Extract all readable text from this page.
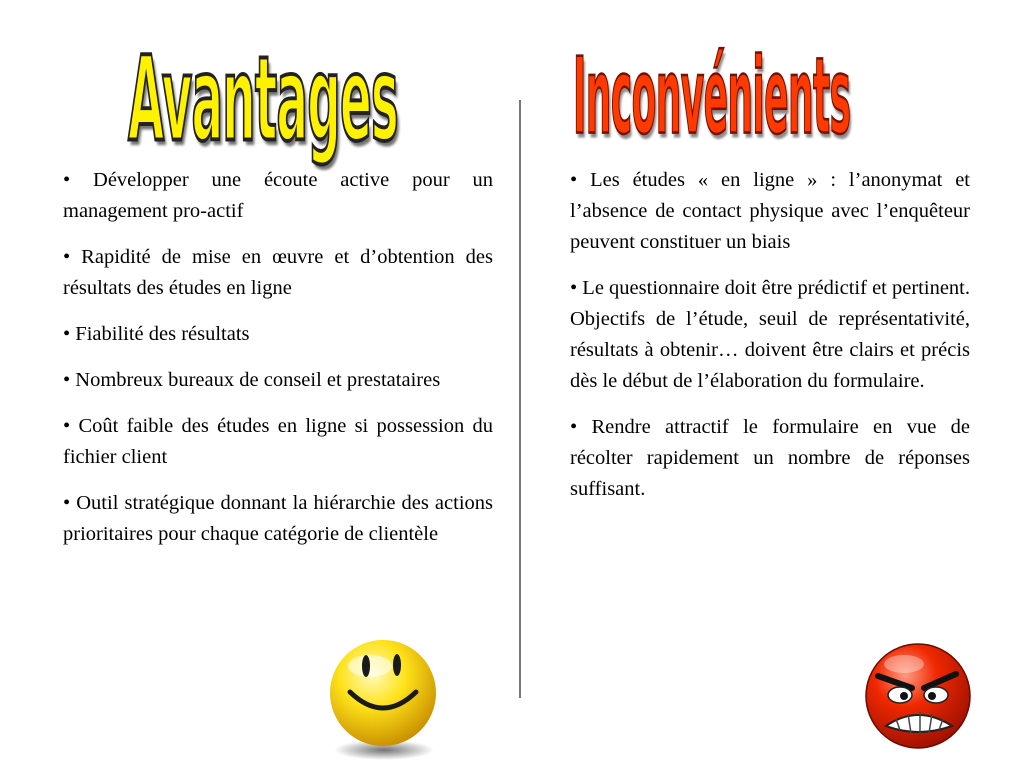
Avantages	Inconvénients
• Développer une écoute active pour un management pro-actif
• Rapidité de mise en œuvre et d’obtention des résultats des études en ligne
• Fiabilité des résultats
• Nombreux bureaux de conseil et prestataires
• Coût faible des études en ligne si possession du fichier client
• Outil stratégique donnant la hiérarchie des actions prioritaires pour chaque catégorie de clientèle
• Les études « en ligne » : l’anonymat et l’absence de contact physique avec l’enquêteur peuvent constituer un biais
• Le questionnaire doit être prédictif et pertinent. Objectifs de l’étude, seuil de représentativité, résultats à obtenir… doivent être clairs et précis dès le début de l’élaboration du formulaire.
• Rendre attractif le formulaire en vue de récolter rapidement un nombre de réponses suffisant.
